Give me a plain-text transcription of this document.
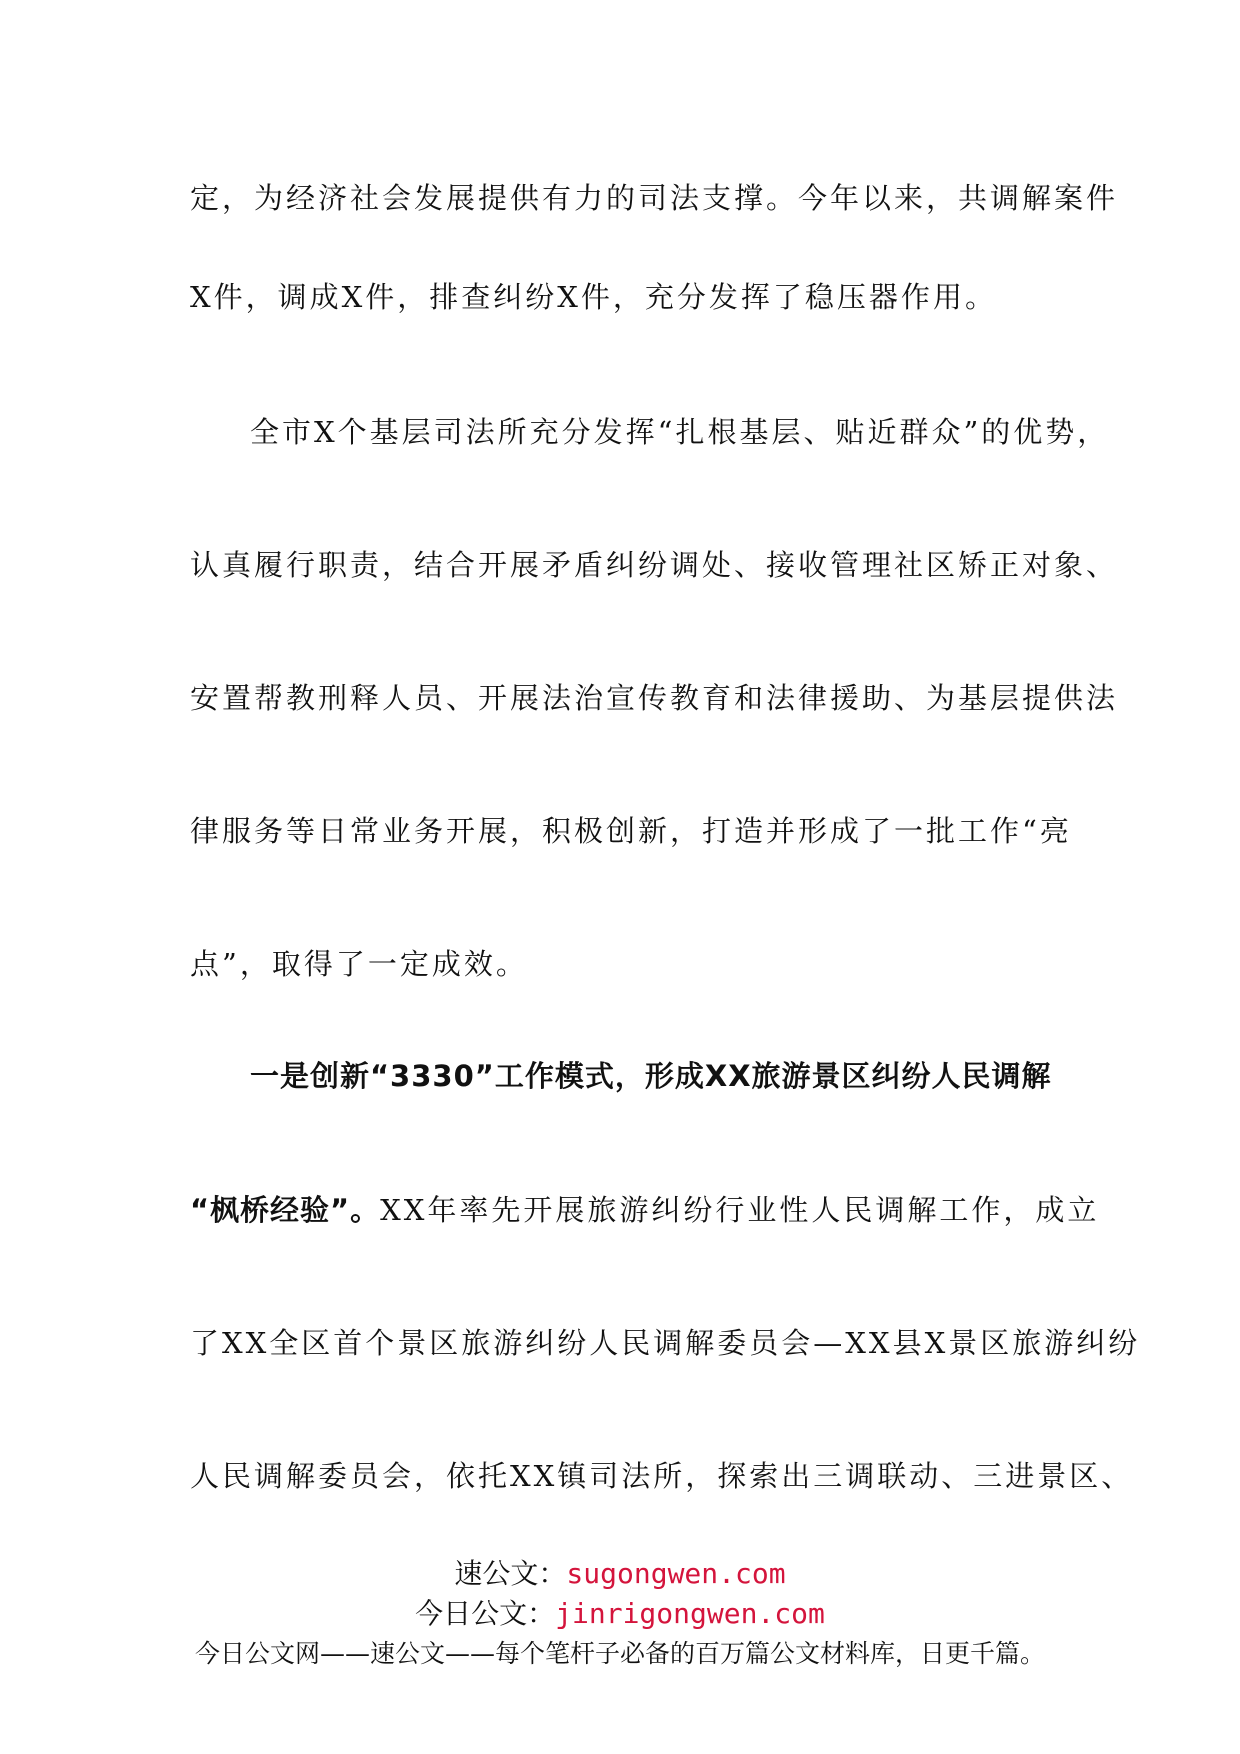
定，为经济社会发展提供有力的司法支撑。今年以来，共调解案件
X件，调成X件，排查纠纷X件，充分发挥了稳压器作用。
全市X个基层司法所充分发挥“扎根基层、贴近群众”的优势，
认真履行职责，结合开展矛盾纠纷调处、接收管理社区矫正对象、
安置帮教刑释人员、开展法治宣传教育和法律援助、为基层提供法
律服务等日常业务开展，积极创新，打造并形成了一批工作“亮
点”，取得了一定成效。
一是创新“3330”工作模式，形成XX旅游景区纠纷人民调解
“枫桥经验”。XX年率先开展旅游纠纷行业性人民调解工作，成立
了XX全区首个景区旅游纠纷人民调解委员会—XX县X景区旅游纠纷
人民调解委员会，依托XX镇司法所，探索出三调联动、三进景区、
速公文：sugongwen.com
今日公文：jinrigongwen.com
今日公文网——速公文——每个笔杆子必备的百万篇公文材料库，日更千篇。
